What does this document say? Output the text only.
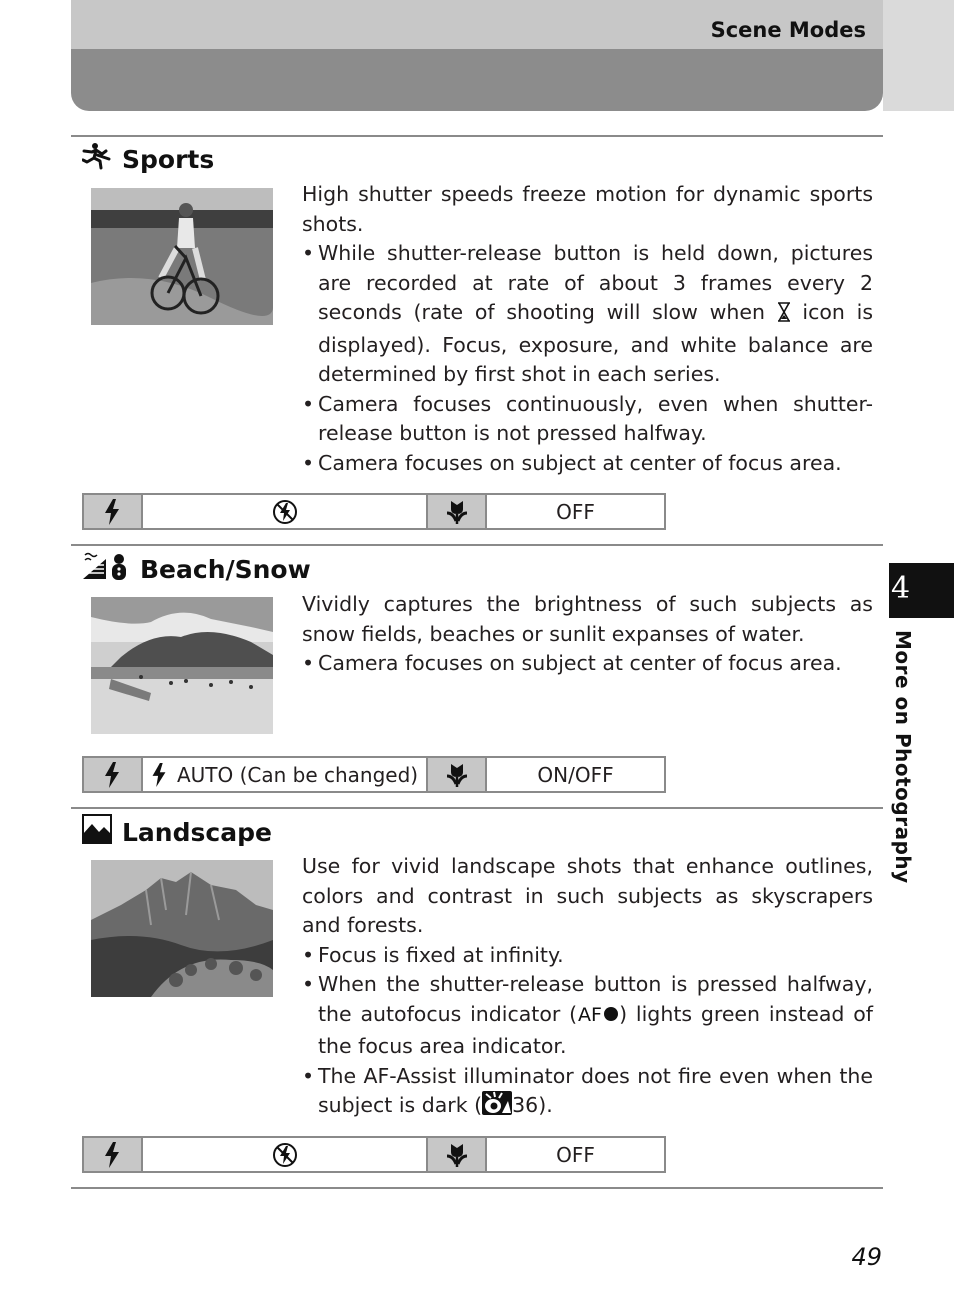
Scene Modes
Sports

High shutter speeds freeze motion for dynamic sports shots.

• While shutter-release button is held down, pictures are recorded at rate of about 3 frames every 2 seconds (rate of shooting will slow when  icon is displayed). Focus, exposure, and white balance are determined by first shot in each series.
• Camera focuses continuously, even when shutter-release button is not pressed halfway.
• Camera focuses on subject at center of focus area.
OFF
Beach/Snow

Vividly captures the brightness of such subjects as snow fields, beaches or sunlit expanses of water.

• Camera focuses on subject at center of focus area.
AUTO (Can be changed)	ON/OFF
Landscape

Use for vivid landscape shots that enhance outlines, colors and contrast in such subjects as skyscrapers and forests.

• Focus is fixed at infinity.
• When the shutter-release button is pressed halfway, the autofocus indicator ( AF ) lights green instead of the focus area indicator.
• The AF-Assist illuminator does not fire even when the subject is dark ( 36).
OFF
4
More on Photography
49
